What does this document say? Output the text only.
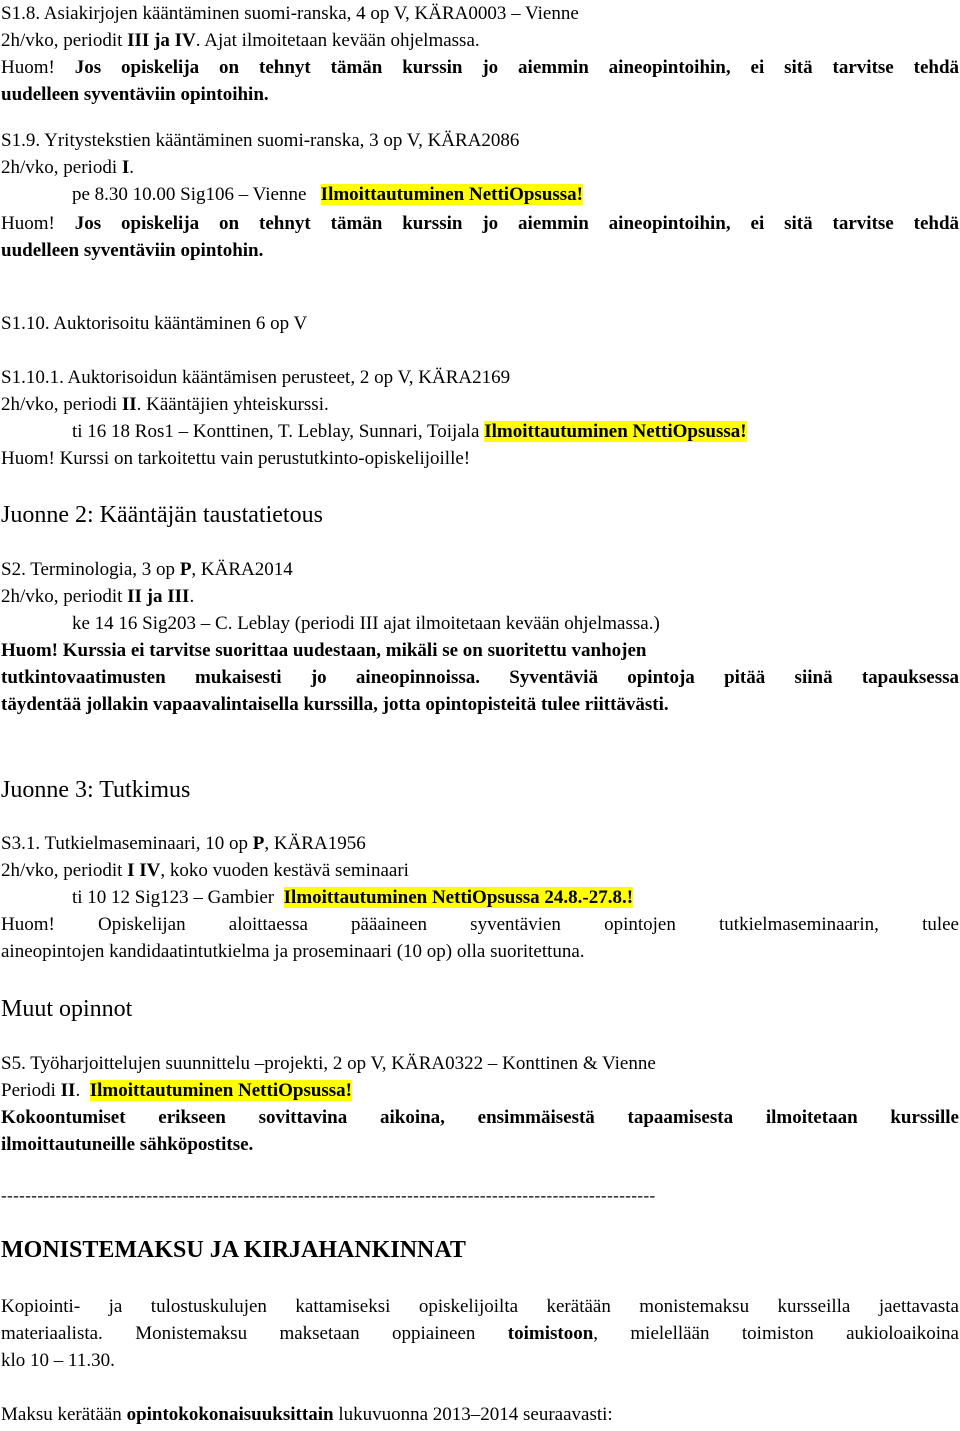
S1.8. Asiakirjojen kääntäminen suomi-ranska, 4 op V, KÄRA0003 – Vienne
2h/vko, periodit III ja IV. Ajat ilmoitetaan kevään ohjelmassa.
Huom! Jos opiskelija on tehnyt tämän kurssin jo aiemmin aineopintoihin, ei sitä tarvitse tehdä
uudelleen syventäviin opintoihin.
S1.9. Yritystekstien kääntäminen suomi-ranska, 3 op V, KÄRA2086
2h/vko, periodi I.
pe 8.30 10.00 Sig106 – Vienne Ilmoittautuminen NettiOpsussa!
Huom! Jos opiskelija on tehnyt tämän kurssin jo aiemmin aineopintoihin, ei sitä tarvitse tehdä
uudelleen syventäviin opintohin.
S1.10. Auktorisoitu kääntäminen 6 op V
S1.10.1. Auktorisoidun kääntämisen perusteet, 2 op V, KÄRA2169
2h/vko, periodi II. Kääntäjien yhteiskurssi.
ti 16 18 Ros1 – Konttinen, T. Leblay, Sunnari, Toijala Ilmoittautuminen NettiOpsussa!
Huom! Kurssi on tarkoitettu vain perustutkinto-opiskelijoille!
Juonne 2: Kääntäjän taustatietous
S2. Terminologia, 3 op P, KÄRA2014
2h/vko, periodit II ja III.
ke 14 16 Sig203 – C. Leblay (periodi III ajat ilmoitetaan kevään ohjelmassa.)
Huom! Kurssia ei tarvitse suorittaa uudestaan, mikäli se on suoritettu vanhojen
tutkintovaatimusten mukaisesti jo aineopinnoissa. Syventäviä opintoja pitää siinä tapauksessa
täydentää jollakin vapaavalintaisella kurssilla, jotta opintopisteitä tulee riittävästi.
Juonne 3: Tutkimus
S3.1. Tutkielmaseminaari, 10 op P, KÄRA1956
2h/vko, periodit I IV, koko vuoden kestävä seminaari
ti 10 12 Sig123 – Gambier Ilmoittautuminen NettiOpsussa 24.8.-27.8.!
Huom! Opiskelijan aloittaessa pääaineen syventävien opintojen tutkielmaseminaarin, tulee
aineopintojen kandidaatintutkielma ja proseminaari (10 op) olla suoritettuna.
Muut opinnot
S5. Työharjoittelujen suunnittelu –projekti, 2 op V, KÄRA0322 – Konttinen & Vienne
Periodi II. Ilmoittautuminen NettiOpsussa!
Kokoontumiset erikseen sovittavina aikoina, ensimmäisestä tapaamisesta ilmoitetaan kurssille
ilmoittautuneille sähköpostitse.
------------------------------------------------------------------------------------------------------------
MONISTEMAKSU JA KIRJAHANKINNAT
Kopiointi- ja tulostuskulujen kattamiseksi opiskelijoilta kerätään monistemaksu kursseilla jaettavasta
materiaalista. Monistemaksu maksetaan oppiaineen toimistoon, mielellään toimiston aukioloaikoina
klo 10 – 11.30.
Maksu kerätään opintokokonaisuuksittain lukuvuonna 2013–2014 seuraavasti:
